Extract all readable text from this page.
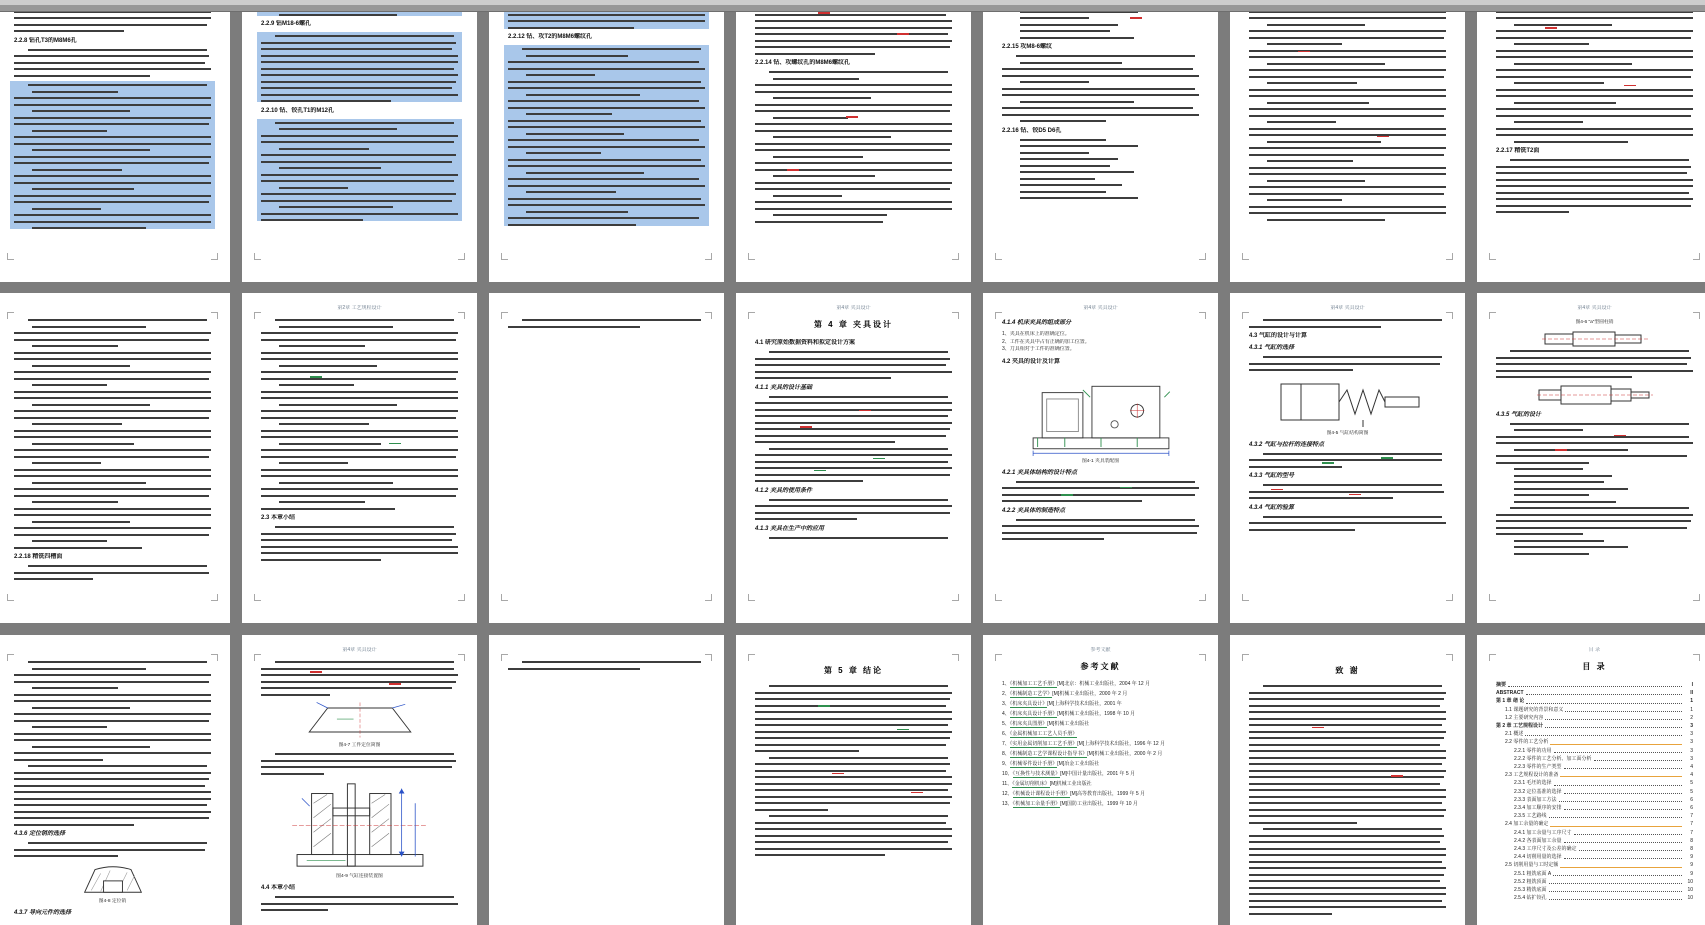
2.2.8 钻孔T3的M8M6孔
2.2.9 钻M18-6螺孔
2.2.10 钻、铰孔T1的M12孔
2.2.12 钻、攻T2的M8M6螺纹孔
2.2.14 钻、攻螺纹孔的M8M6螺纹孔
2.2.15 攻M8-6螺纹
2.2.16 钻、铰D5 D6孔
2.2.17 精铣T2面
2.2.18 精铣四槽面
第2章 工艺规程设计
2.3 本章小结
第4章 夹具设计
第 4 章 夹具设计
4.1 研究原始数据资料和拟定设计方案
4.1.1 夹具的设计基础
4.1.2 夹具的使用条件
4.1.3 夹具在生产中的应用
第4章 夹具设计
4.1.4 机床夹具的组成部分
1、夹具在机床上的准确定位。
2、工件在夹具中占有正确的加工位置。
3、刀具相对于工件的准确位置。
4.2 夹具的设计及计算
图4-1 夹具装配图
4.2.1 夹具体结构的设计特点
4.2.2 夹具体的制造特点
第4章 夹具设计
4.3 气缸的设计与计算
4.3.1 气缸的选择
图4-5 气缸结构简图
4.3.2 气缸与拉杆的连接特点
4.3.3 气缸的型号
4.3.4 气缸的验算
第4章 夹具设计
图4-6 “a”型圆柱销
4.3.5 气缸的设计
4.3.6 定位销的选择
图4-8 定位销
4.3.7 导向元件的选择
第4章 夹具设计
图4-7 工件定位简图
图4-9 气缸连接装置图
4.4 本章小结
第 5 章 结论
参考文献
参考文献
1、《机械加工工艺手册》[M]北京：机械工业出版社，2004 年 12 月
2、《机械制造工艺学》[M]机械工业出版社，2000 年 2 月
3、《机床夹具设计》[M]上海科学技术出版社，2001 年
4、《机床夹具设计手册》[M]机械工业出版社，1998 年 10 月
5、《机床夹具图册》[M]机械工业出版社
6、《金属机械加工工艺人员手册》
7、《实用金属切削加工工艺手册》[M]上海科学技术出版社，1996 年 12 月
8、《机械制造工艺学课程设计指导书》[M]机械工业出版社，2000 年 2 月
9、《机械零件设计手册》[M]冶金工业出版社
10、《互换性与技术测量》[M]中国计量出版社，2001 年 5 月
11、《金属切削机床》[M]机械工业出版社
12、《机械设计课程设计手册》[M]高等教育出版社，1999 年 5 月
13、《机械加工余量手册》[M]国防工业出版社，1999 年 10 月
致 谢
目 录
目 录
摘要	I
ABSTRACT	II
第 1 章 绪 论	1
1.1 课题研究的背景和意义	1
1.2 主要研究内容	2
第 2 章 工艺规程设计	3
2.1 概述	3
2.2 零件的工艺分析	3
2.2.1 零件的功用	3
2.2.2 零件的工艺分析、加工面分析	3
2.2.3 零件的生产类型	4
2.3 工艺规程设计的准备	4
2.3.1 毛坯的选择	5
2.3.2 定位基准的选择	5
2.3.3 表面加工方法	6
2.3.4 加工顺序的安排	6
2.3.5 工艺路线	7
2.4 加工余量的确定	7
2.4.1 加工余量与工序尺寸	7
2.4.2 各表面加工余量	8
2.4.3 工序尺寸及公差的确定	8
2.4.4 切削用量的选择	9
2.5 切削用量与工时定额	9
2.5.1 粗铣底面 A	9
2.5.2 粗铣顶面	10
2.5.3 精铣底面	10
2.5.4 钻扩铰孔	10
